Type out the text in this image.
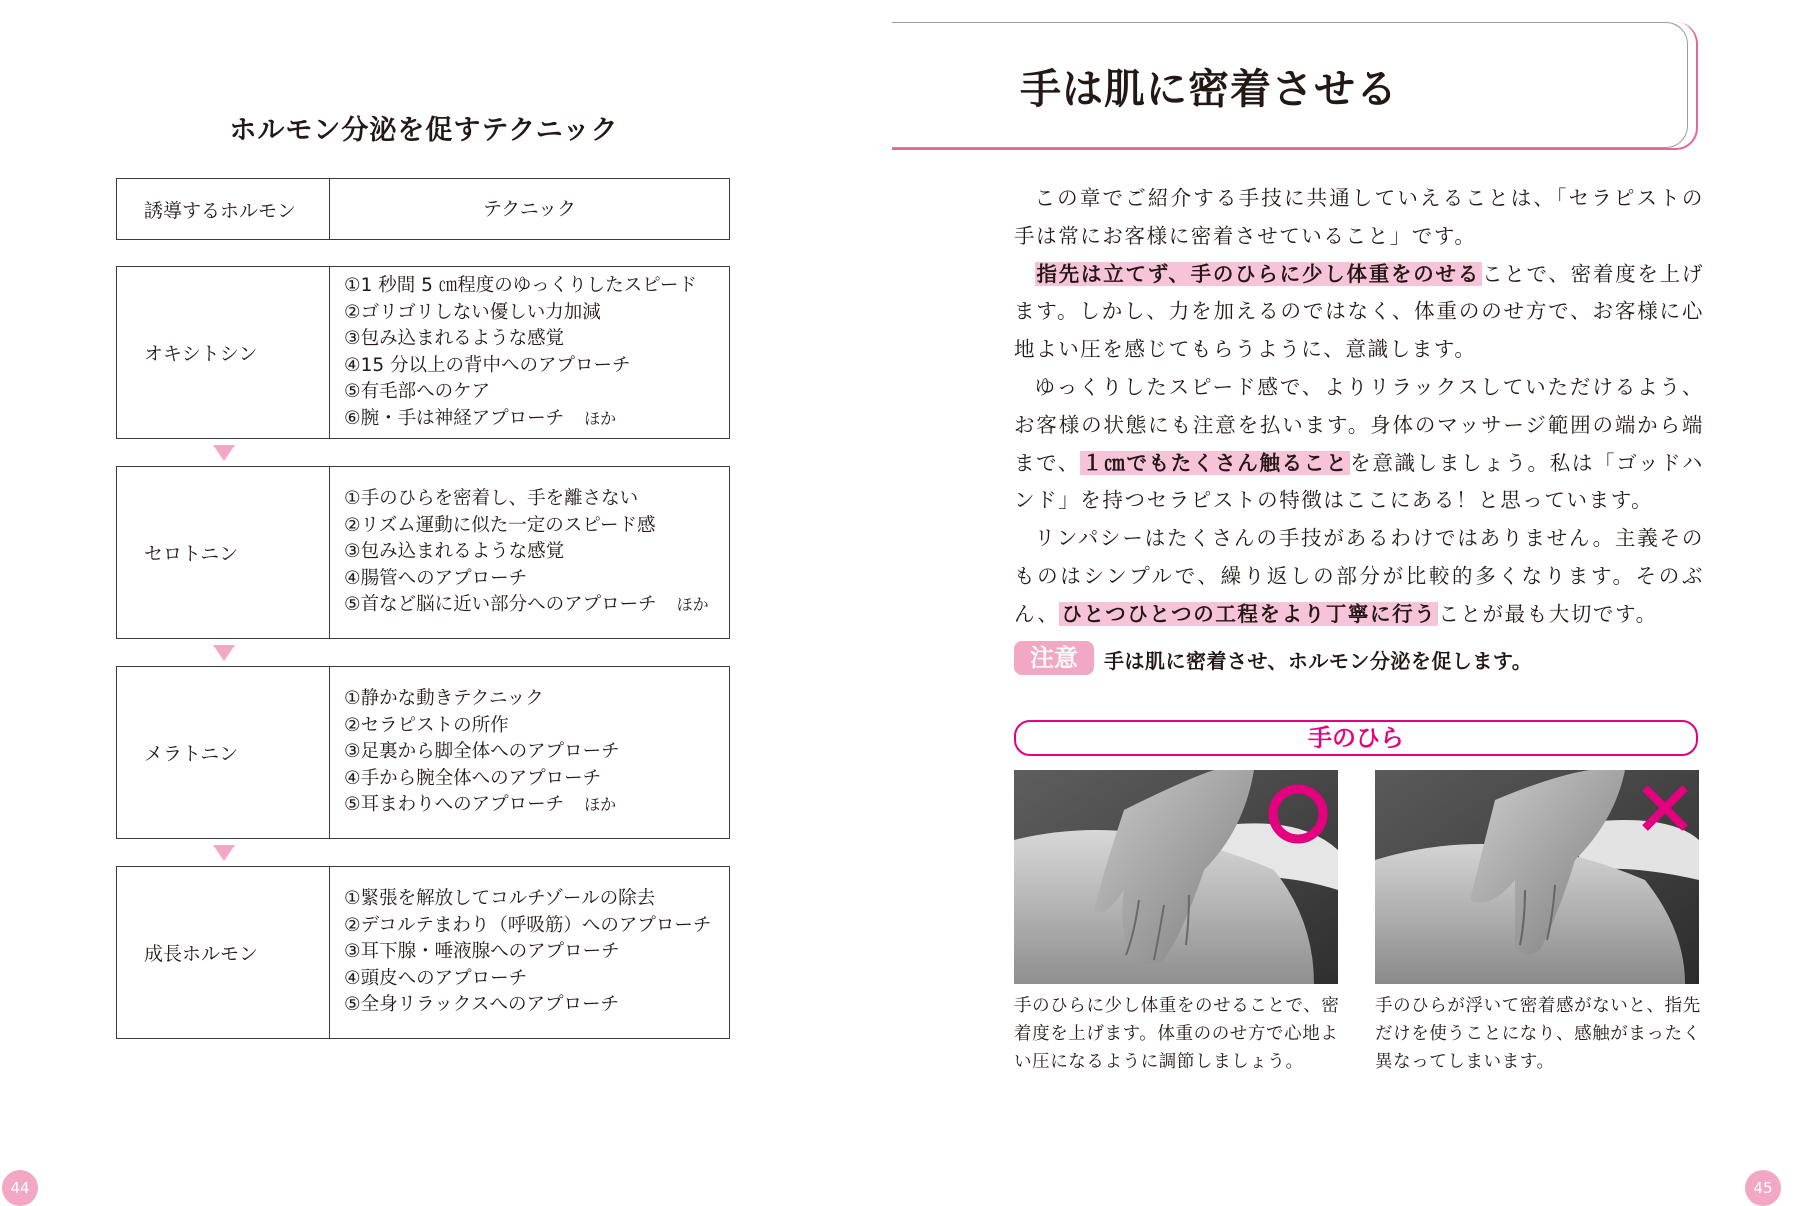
ホルモン分泌を促すテクニック
誘導するホルモン	テクニック
オキシトシン
①1 秒間 5 ㎝程度のゆっくりしたスピード
②ゴリゴリしない優しい力加減
③包み込まれるような感覚
④15 分以上の背中へのアプローチ
⑤有毛部へのケア
⑥腕・手は神経アプローチ ほか
セロトニン
①手のひらを密着し、手を離さない
②リズム運動に似た一定のスピード感
③包み込まれるような感覚
④腸管へのアプローチ
⑤首など脳に近い部分へのアプローチ ほか
メラトニン
①静かな動きテクニック
②セラピストの所作
③足裏から脚全体へのアプローチ
④手から腕全体へのアプローチ
⑤耳まわりへのアプローチ ほか
成長ホルモン
①緊張を解放してコルチゾールの除去
②デコルテまわり（呼吸筋）へのアプローチ
③耳下腺・唾液腺へのアプローチ
④頭皮へのアプローチ
⑤全身リラックスへのアプローチ
44
手は肌に密着させる

この章でご紹介する手技に共通していえることは、「セラピストの手は常にお客様に密着させていること」です。

指先は立てず、手のひらに少し体重をのせることで、密着度を上げます。しかし、力を加えるのではなく、体重ののせ方で、お客様に心地よい圧を感じてもらうように、意識します。

ゆっくりしたスピード感で、よりリラックスしていただけるよう、お客様の状態にも注意を払います。身体のマッサージ範囲の端から端まで、１㎝でもたくさん触ることを意識しましょう。私は「ゴッドハンド」を持つセラピストの特徴はここにある！と思っています。

リンパシーはたくさんの手技があるわけではありません。主義そのものはシンプルで、繰り返しの部分が比較的多くなります。そのぶん、ひとつひとつの工程をより丁寧に行うことが最も大切です。

注意	手は肌に密着させ、ホルモン分泌を促します。
手のひら
手のひらに少し体重をのせることで、密着度を上げます。体重ののせ方で心地よい圧になるように調節しましょう。
手のひらが浮いて密着感がないと、指先だけを使うことになり、感触がまったく異なってしまいます。
45
